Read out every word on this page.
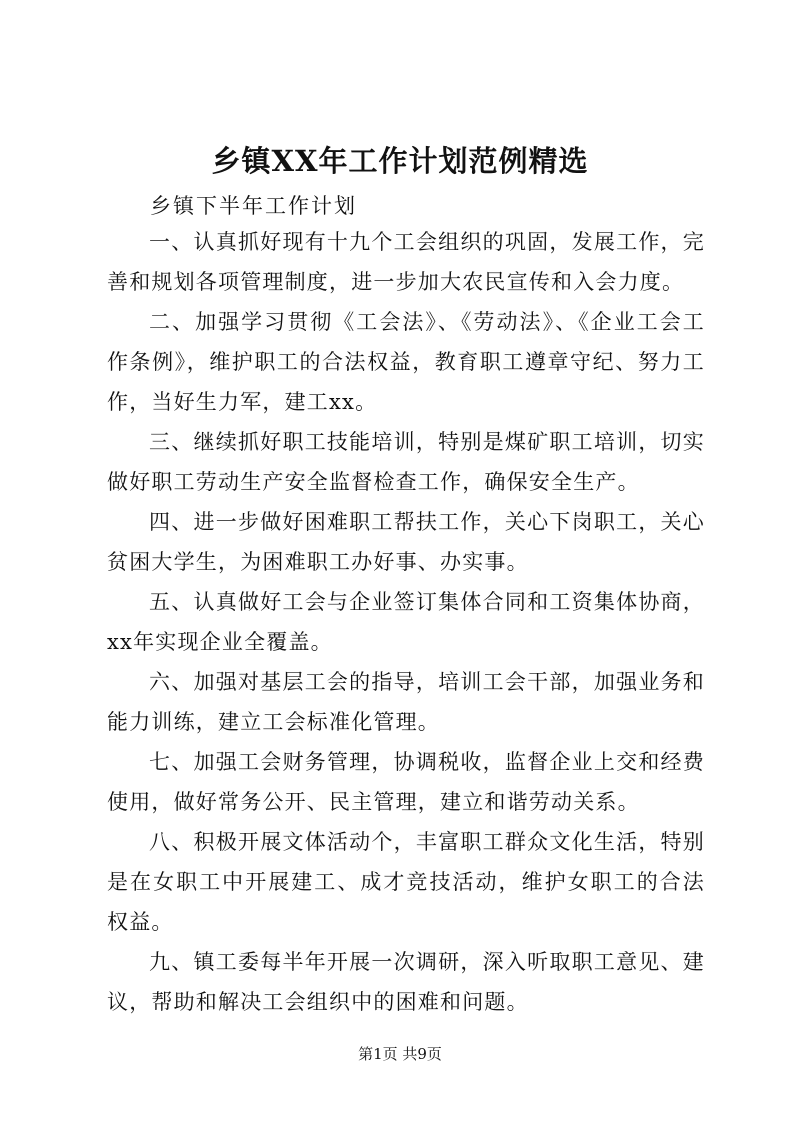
乡镇XX年工作计划范例精选

乡镇下半年工作计划

一、认真抓好现有十九个工会组织的巩固，发展工作，完善和规划各项管理制度，进一步加大农民宣传和入会力度。

二、加强学习贯彻《工会法》、《劳动法》、《企业工会工作条例》，维护职工的合法权益，教育职工遵章守纪、努力工作，当好生力军，建工xx。

三、继续抓好职工技能培训，特别是煤矿职工培训，切实做好职工劳动生产安全监督检查工作，确保安全生产。

四、进一步做好困难职工帮扶工作，关心下岗职工，关心贫困大学生，为困难职工办好事、办实事。

五、认真做好工会与企业签订集体合同和工资集体协商，xx年实现企业全覆盖。

六、加强对基层工会的指导，培训工会干部，加强业务和能力训练，建立工会标准化管理。

七、加强工会财务管理，协调税收，监督企业上交和经费使用，做好常务公开、民主管理，建立和谐劳动关系。

八、积极开展文体活动个，丰富职工群众文化生活，特别是在女职工中开展建工、成才竞技活动，维护女职工的合法权益。

九、镇工委每半年开展一次调研，深入听取职工意见、建议，帮助和解决工会组织中的困难和问题。

第1页 共9页
